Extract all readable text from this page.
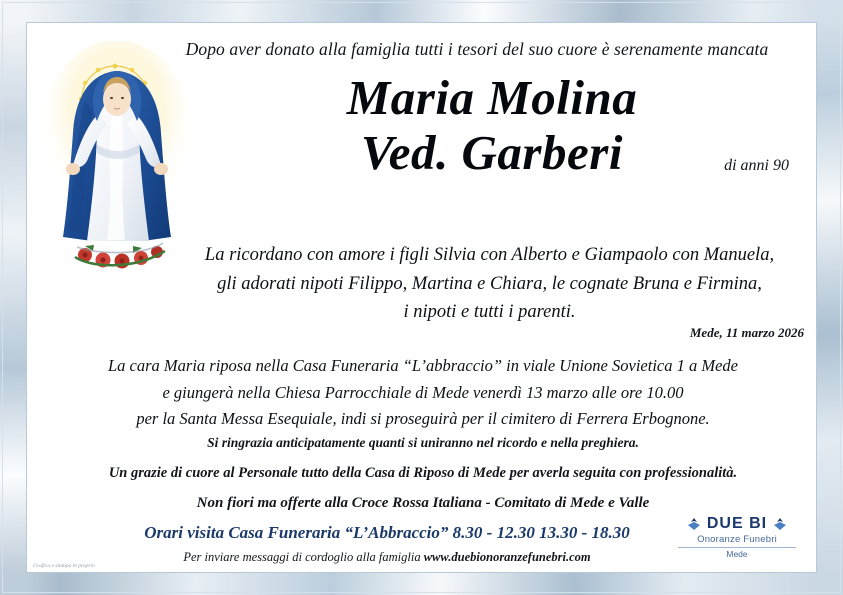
Dopo aver donato alla famiglia tutti i tesori del suo cuore è serenamente mancata
Maria Molina
Ved. Garberi	di anni 90
La ricordano con amore i figli Silvia con Alberto e Giampaolo con Manuela,
gli adorati nipoti Filippo, Martina e Chiara, le cognate Bruna e Firmina,
i nipoti e tutti i parenti.
Mede, 11 marzo 2026
La cara Maria riposa nella Casa Funeraria “L’abbraccio” in viale Unione Sovietica 1 a Mede
e giungerà nella Chiesa Parrocchiale di Mede venerdì 13 marzo alle ore 10.00
per la Santa Messa Esequiale, indi si proseguirà per il cimitero di Ferrera Erbognone.
Si ringrazia anticipatamente quanti si uniranno nel ricordo e nella preghiera.
Un grazie di cuore al Personale tutto della Casa di Riposo di Mede per averla seguita con professionalità.
Non fiori ma offerte alla Croce Rossa Italiana - Comitato di Mede e Valle
Orari visita Casa Funeraria “L’Abbraccio” 8.30 - 12.30 13.30 - 18.30
Per inviare messaggi di cordoglio alla famiglia www.duebionoranzefunebri.com
DUE BI
Onoranze Funebri
Mede
Grafica e stampa in proprio
